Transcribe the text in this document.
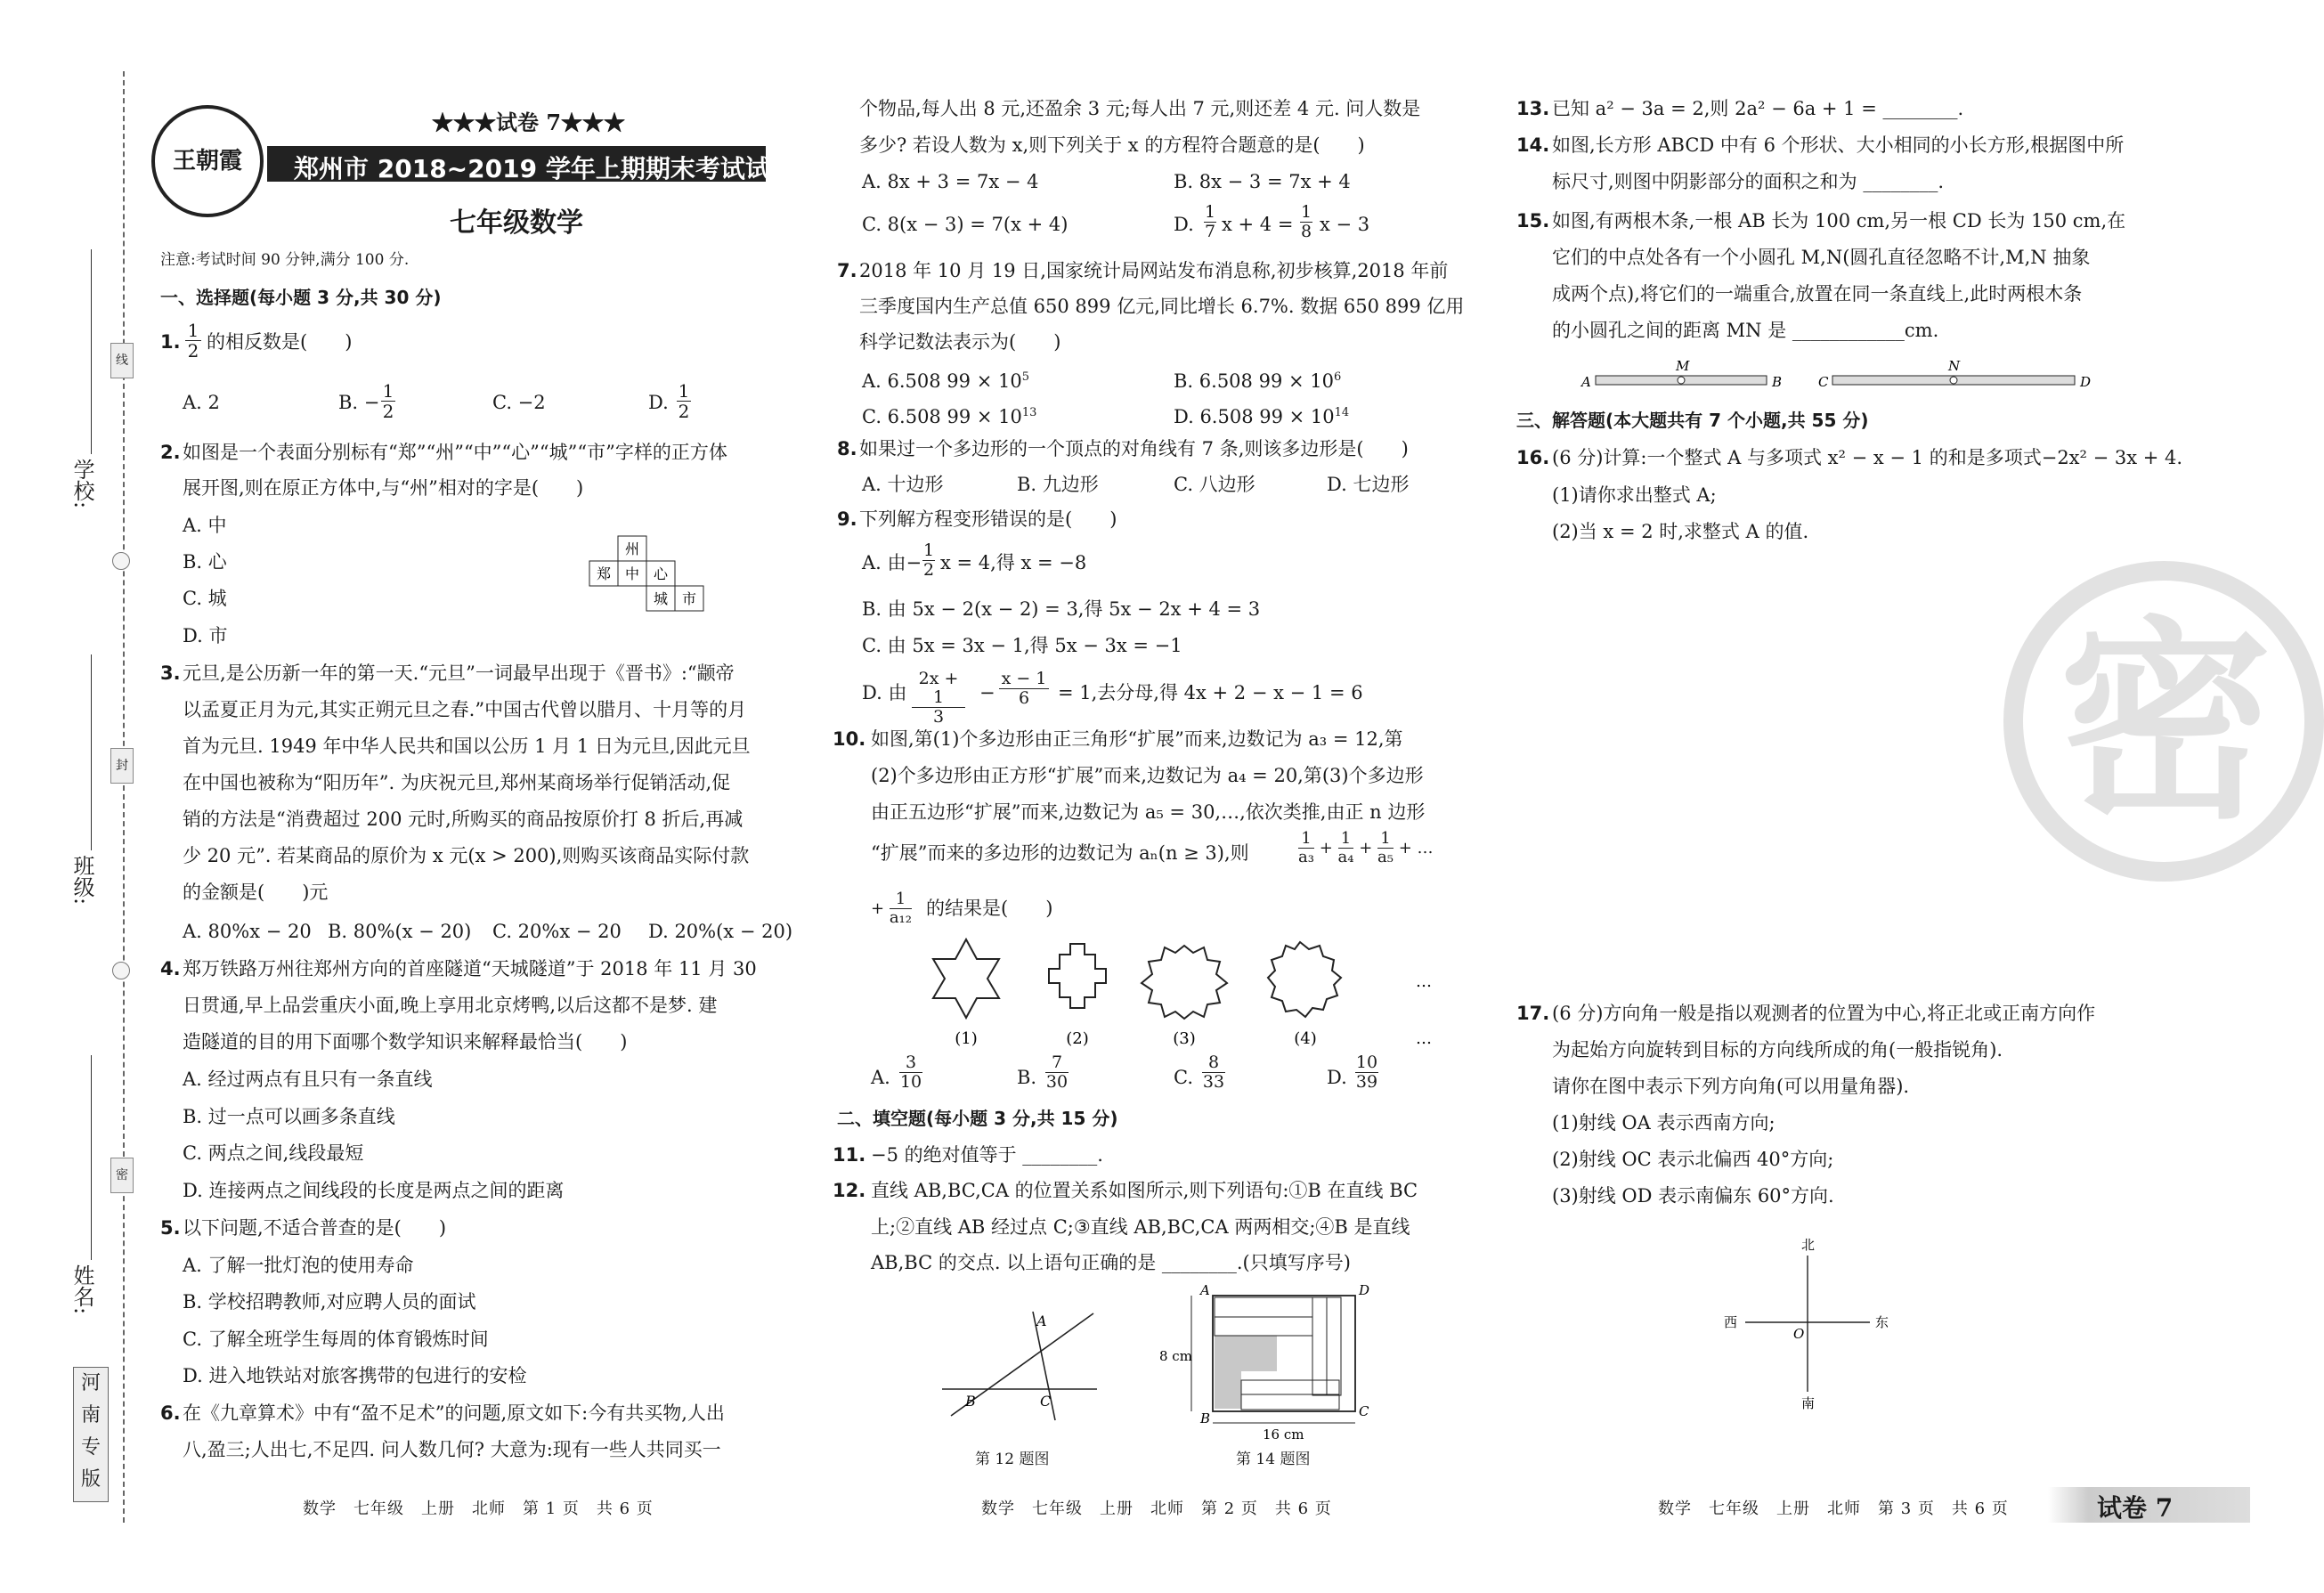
学校:
线
班级:
封
姓名:
密
河
南
专
版
王朝霞
★★★试卷 7★★★
郑州市 2018~2019 学年上期期末考试试题卷
七年级数学
注意:考试时间 90 分钟,满分 100 分.
一、选择题(每小题 3 分,共 30 分)
1. $\frac{1}{2}$ 的相反数是(　　)
A. 2	B. − $\frac{1}{2}$	C. −2	D. $\frac{1}{2}$
2. 如图是一个表面分别标有“郑”“州”“中”“心”“城”“市”字样的正方体
展开图,则在原正方体中,与“州”相对的字是(　　)
A. 中
B. 心
C. 城
D. 市
州
郑 中 心
城 市
3. 元旦,是公历新一年的第一天.“元旦”一词最早出现于《晋书》:“颛帝
以孟夏正月为元,其实正朔元旦之春.”中国古代曾以腊月、十月等的月
首为元旦. 1949 年中华人民共和国以公历 1 月 1 日为元旦,因此元旦
在中国也被称为“阳历年”. 为庆祝元旦,郑州某商场举行促销活动,促
销的方法是“消费超过 200 元时,所购买的商品按原价打 8 折后,再减
少 20 元”. 若某商品的原价为 x 元(x > 200),则购买该商品实际付款
的金额是(　　)元
A. 80%x − 20 B. 80%(x − 20) C. 20%x − 20 D. 20%(x − 20)
4. 郑万铁路万州往郑州方向的首座隧道“天城隧道”于 2018 年 11 月 30
日贯通,早上品尝重庆小面,晚上享用北京烤鸭,以后这都不是梦. 建
造隧道的目的用下面哪个数学知识来解释最恰当(　　)
A. 经过两点有且只有一条直线
B. 过一点可以画多条直线
C. 两点之间,线段最短
D. 连接两点之间线段的长度是两点之间的距离
5. 以下问题,不适合普查的是(　　)
A. 了解一批灯泡的使用寿命
B. 学校招聘教师,对应聘人员的面试
C. 了解全班学生每周的体育锻炼时间
D. 进入地铁站对旅客携带的包进行的安检
6. 在《九章算术》中有“盈不足术”的问题,原文如下:今有共买物,人出
八,盈三;人出七,不足四. 问人数几何? 大意为:现有一些人共同买一
数学　七年级　上册　北师　第 1 页　共 6 页
个物品,每人出 8 元,还盈余 3 元;每人出 7 元,则还差 4 元. 问人数是
多少? 若设人数为 x,则下列关于 x 的方程符合题意的是(　　)
A. 8x + 3 = 7x − 4	B. 8x − 3 = 7x + 4
C. 8(x − 3) = 7(x + 4)	D.
1
7 x + 4 =
1
8 x − 3
7. 2018 年 10 月 19 日,国家统计局网站发布消息称,初步核算,2018 年前
三季度国内生产总值 650 899 亿元,同比增长 6.7%. 数据 650 899 亿用
科学记数法表示为(　　)
A. 6.508 $99 \times 10^5$	B. 6.508 $99 \times 10^6$
C. 6.508 $99 \times 10^{13}$	D. 6.508 $99 \times 10^{14}$
8. 如果过一个多边形的一个顶点的对角线有 7 条,则该多边形是(　　)
A. 十边形	B. 九边形	C. 八边形	D. 七边形
9. 下列解方程变形错误的是(　　)
A. 由−
1
2 x = 4,得 x = −8
B. 由 5x − 2(x − 2) = 3,得 5x − 2x + 4 = 3
C. 由 5x = 3x − 1,得 5x − 3x = −1
D. 由
2x + 1
3
−
x − 1
6	= 1,去分母,得 4x + 2 − x − 1 = 6
10. 如图,第(1)个多边形由正三角形“扩展”而来,边数记为 a₃ = 12,第
(2)个多边形由正方形“扩展”而来,边数记为 a₄ = 20,第(3)个多边形
由正五边形“扩展”而来,边数记为 a₅ = 30,…,依次类推,由正 n 边形
“扩展”而来的多边形的边数记为 aₙ(n ≥ 3),则	$\frac{1}{\text{a₃}} + \frac{1}{\text{a₄}} + \frac{1}{\text{a₅}}$ + …
+ $\frac{1}{\text{a₁₂}}$ 的结果是(　　)
…
(1)	(2)	(3)	(4)	…
A.
3
10	B.
7
30	C.
8
33	D.
10
39
二、填空题(每小题 3 分,共 15 分)
11. −5 的绝对值等于 ________.
12. 直线 AB,BC,CA 的位置关系如图所示,则下列语句:①B 在直线 BC
上;②直线 AB 经过点 C;③直线 AB,BC,CA 两两相交;④B 是直线
AB,BC 的交点. 以上语句正确的是 ________.(只填写序号)
A
B	C
第 12 题图
A	D
B	C
8 cm
16 cm
第 14 题图
数学　七年级　上册　北师　第 2 页　共 6 页
13. 已知 a² − 3a = 2,则 2a² − 6a + 1 = ________.
14. 如图,长方形 ABCD 中有 6 个形状、大小相同的小长方形,根据图中所
标尺寸,则图中阴影部分的面积之和为 ________.
15. 如图,有两根木条,一根 AB 长为 100 cm,另一根 CD 长为 150 cm,在
它们的中点处各有一个小圆孔 M,N(圆孔直径忽略不计,M,N 抽象
成两个点),将它们的一端重合,放置在同一条直线上,此时两根木条
的小圆孔之间的距离 MN 是 ____________cm.
A
M
B	C
N
D
三、解答题(本大题共有 7 个小题,共 55 分)
16. (6 分)计算:一个整式 A 与多项式 x² − x − 1 的和是多项式−2x² − 3x + 4.
(1)请你求出整式 A;
(2)当 x = 2 时,求整式 A 的值.
密
17. (6 分)方向角一般是指以观测者的位置为中心,将正北或正南方向作
为起始方向旋转到目标的方向线所成的角(一般指锐角).
请你在图中表示下列方向角(可以用量角器).
(1)射线 OA 表示西南方向;
(2)射线 OC 表示北偏西 40°方向;
(3)射线 OD 表示南偏东 60°方向.
北
南
西	东
O
数学　七年级　上册　北师　第 3 页　共 6 页	试卷 7
